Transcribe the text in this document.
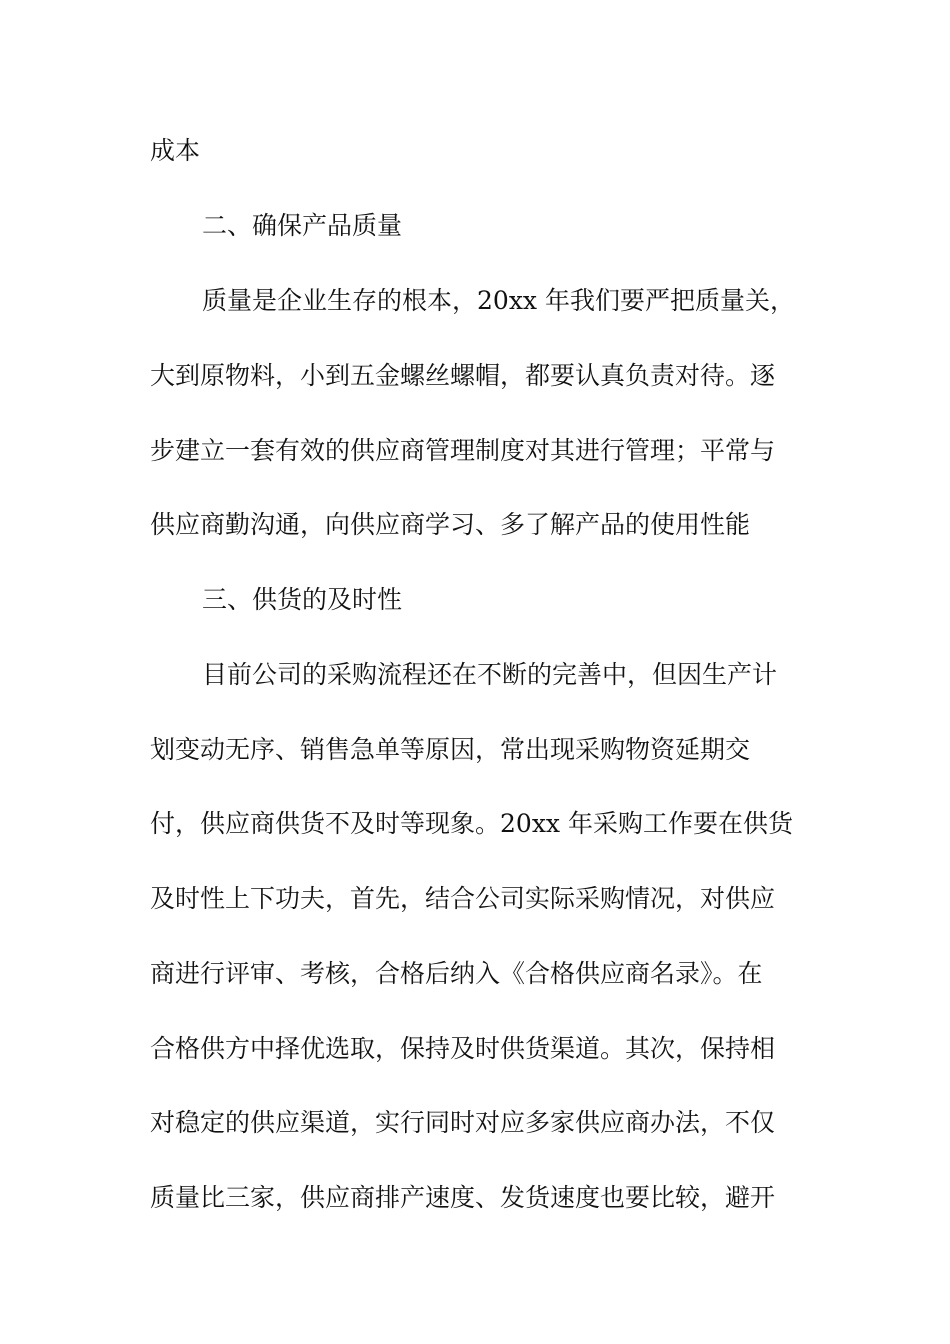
成本

二、确保产品质量

质量是企业生存的根本，20xx 年我们要严把质量关，

大到原物料，小到五金螺丝螺帽，都要认真负责对待。逐

步建立一套有效的供应商管理制度对其进行管理；平常与

供应商勤沟通，向供应商学习、多了解产品的使用性能

三、供货的及时性

目前公司的采购流程还在不断的完善中，但因生产计

划变动无序、销售急单等原因，常出现采购物资延期交

付，供应商供货不及时等现象。20xx 年采购工作要在供货

及时性上下功夫，首先，结合公司实际采购情况，对供应

商进行评审、考核，合格后纳入《合格供应商名录》。在

合格供方中择优选取，保持及时供货渠道。其次，保持相

对稳定的供应渠道，实行同时对应多家供应商办法，不仅

质量比三家，供应商排产速度、发货速度也要比较，避开
